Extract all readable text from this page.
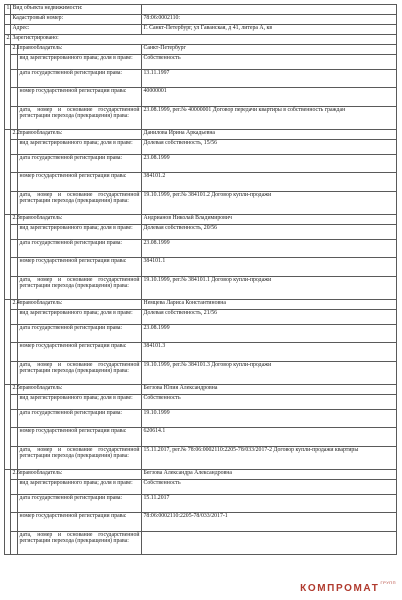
1.	Вид объекта недвижимости:		
	Кадастровый номер:		78:06:0002110:
	Адрес:		Г. Санкт-Петербург, ул Гаванская, д 41, литера А, кв
2.	Зарегистрировано:		
	2.1	правообладатель:	Санкт-Петербург
		вид зарегистрированного права; доля в праве:	Собственность
		дата государственной регистрации права:	13.11.1997
		номер государственной регистрации права:	40000001
		дата, номер и основание государственной регистрации перехода (прекращения) права:	23.08.1999, рег.№ 40000001 Договор передачи квартиры в собственность граждан
	2.2	правообладатель:	Данилова Ирина Аркадьевна
		вид зарегистрированного права; доля в праве:	Долевая собственность, 15/56
		дата государственной регистрации права:	23.08.1999
		номер государственной регистрации права:	384101.2
		дата, номер и основание государственной регистрации перехода (прекращения) права:	19.10.1999, рег.№ 384101.2 Договор купли-продажи
	2.3	правообладатель:	Андрианов Николай Владимирович
		вид зарегистрированного права; доля в праве:	Долевая собственность, 20/56
		дата государственной регистрации права:	23.08.1999
		номер государственной регистрации права:	384101.1
		дата, номер и основание государственной регистрации перехода (прекращения) права:	19.10.1999, рег.№ 384101.1 Договор купли-продажи
	2.4	правообладатель:	Немцева Лариса Константиновна
		вид зарегистрированного права; доля в праве:	Долевая собственность, 21/56
		дата государственной регистрации права:	23.08.1999
		номер государственной регистрации права:	384101.3
		дата, номер и основание государственной регистрации перехода (прекращения) права:	19.10.1999, рег.№ 384101.3 Договор купли-продажи
	2.5	правообладатель:	Бегзова Юлия Александровна
		вид зарегистрированного права; доля в праве:	Собственность
		дата государственной регистрации права:	19.10.1999
		номер государственной регистрации права:	620614.1
		дата, номер и основание государственной регистрации перехода (прекращения) права:	15.11.2017, рег.№ 78:06:0002110:2205-78/033/2017-2 Договор купли-продажи квартиры
	2.6	правообладатель:	Бегзова Александра Александровна
		вид зарегистрированного права; доля в праве:	Собственность
		дата государственной регистрации права:	15.11.2017
		номер государственной регистрации права:	78:06:0002110:2205-78/033/2017-1
		дата, номер и основание государственной регистрации перехода (прекращения) права:	
$КОМПРОМАТ^{ГРУПП}$
